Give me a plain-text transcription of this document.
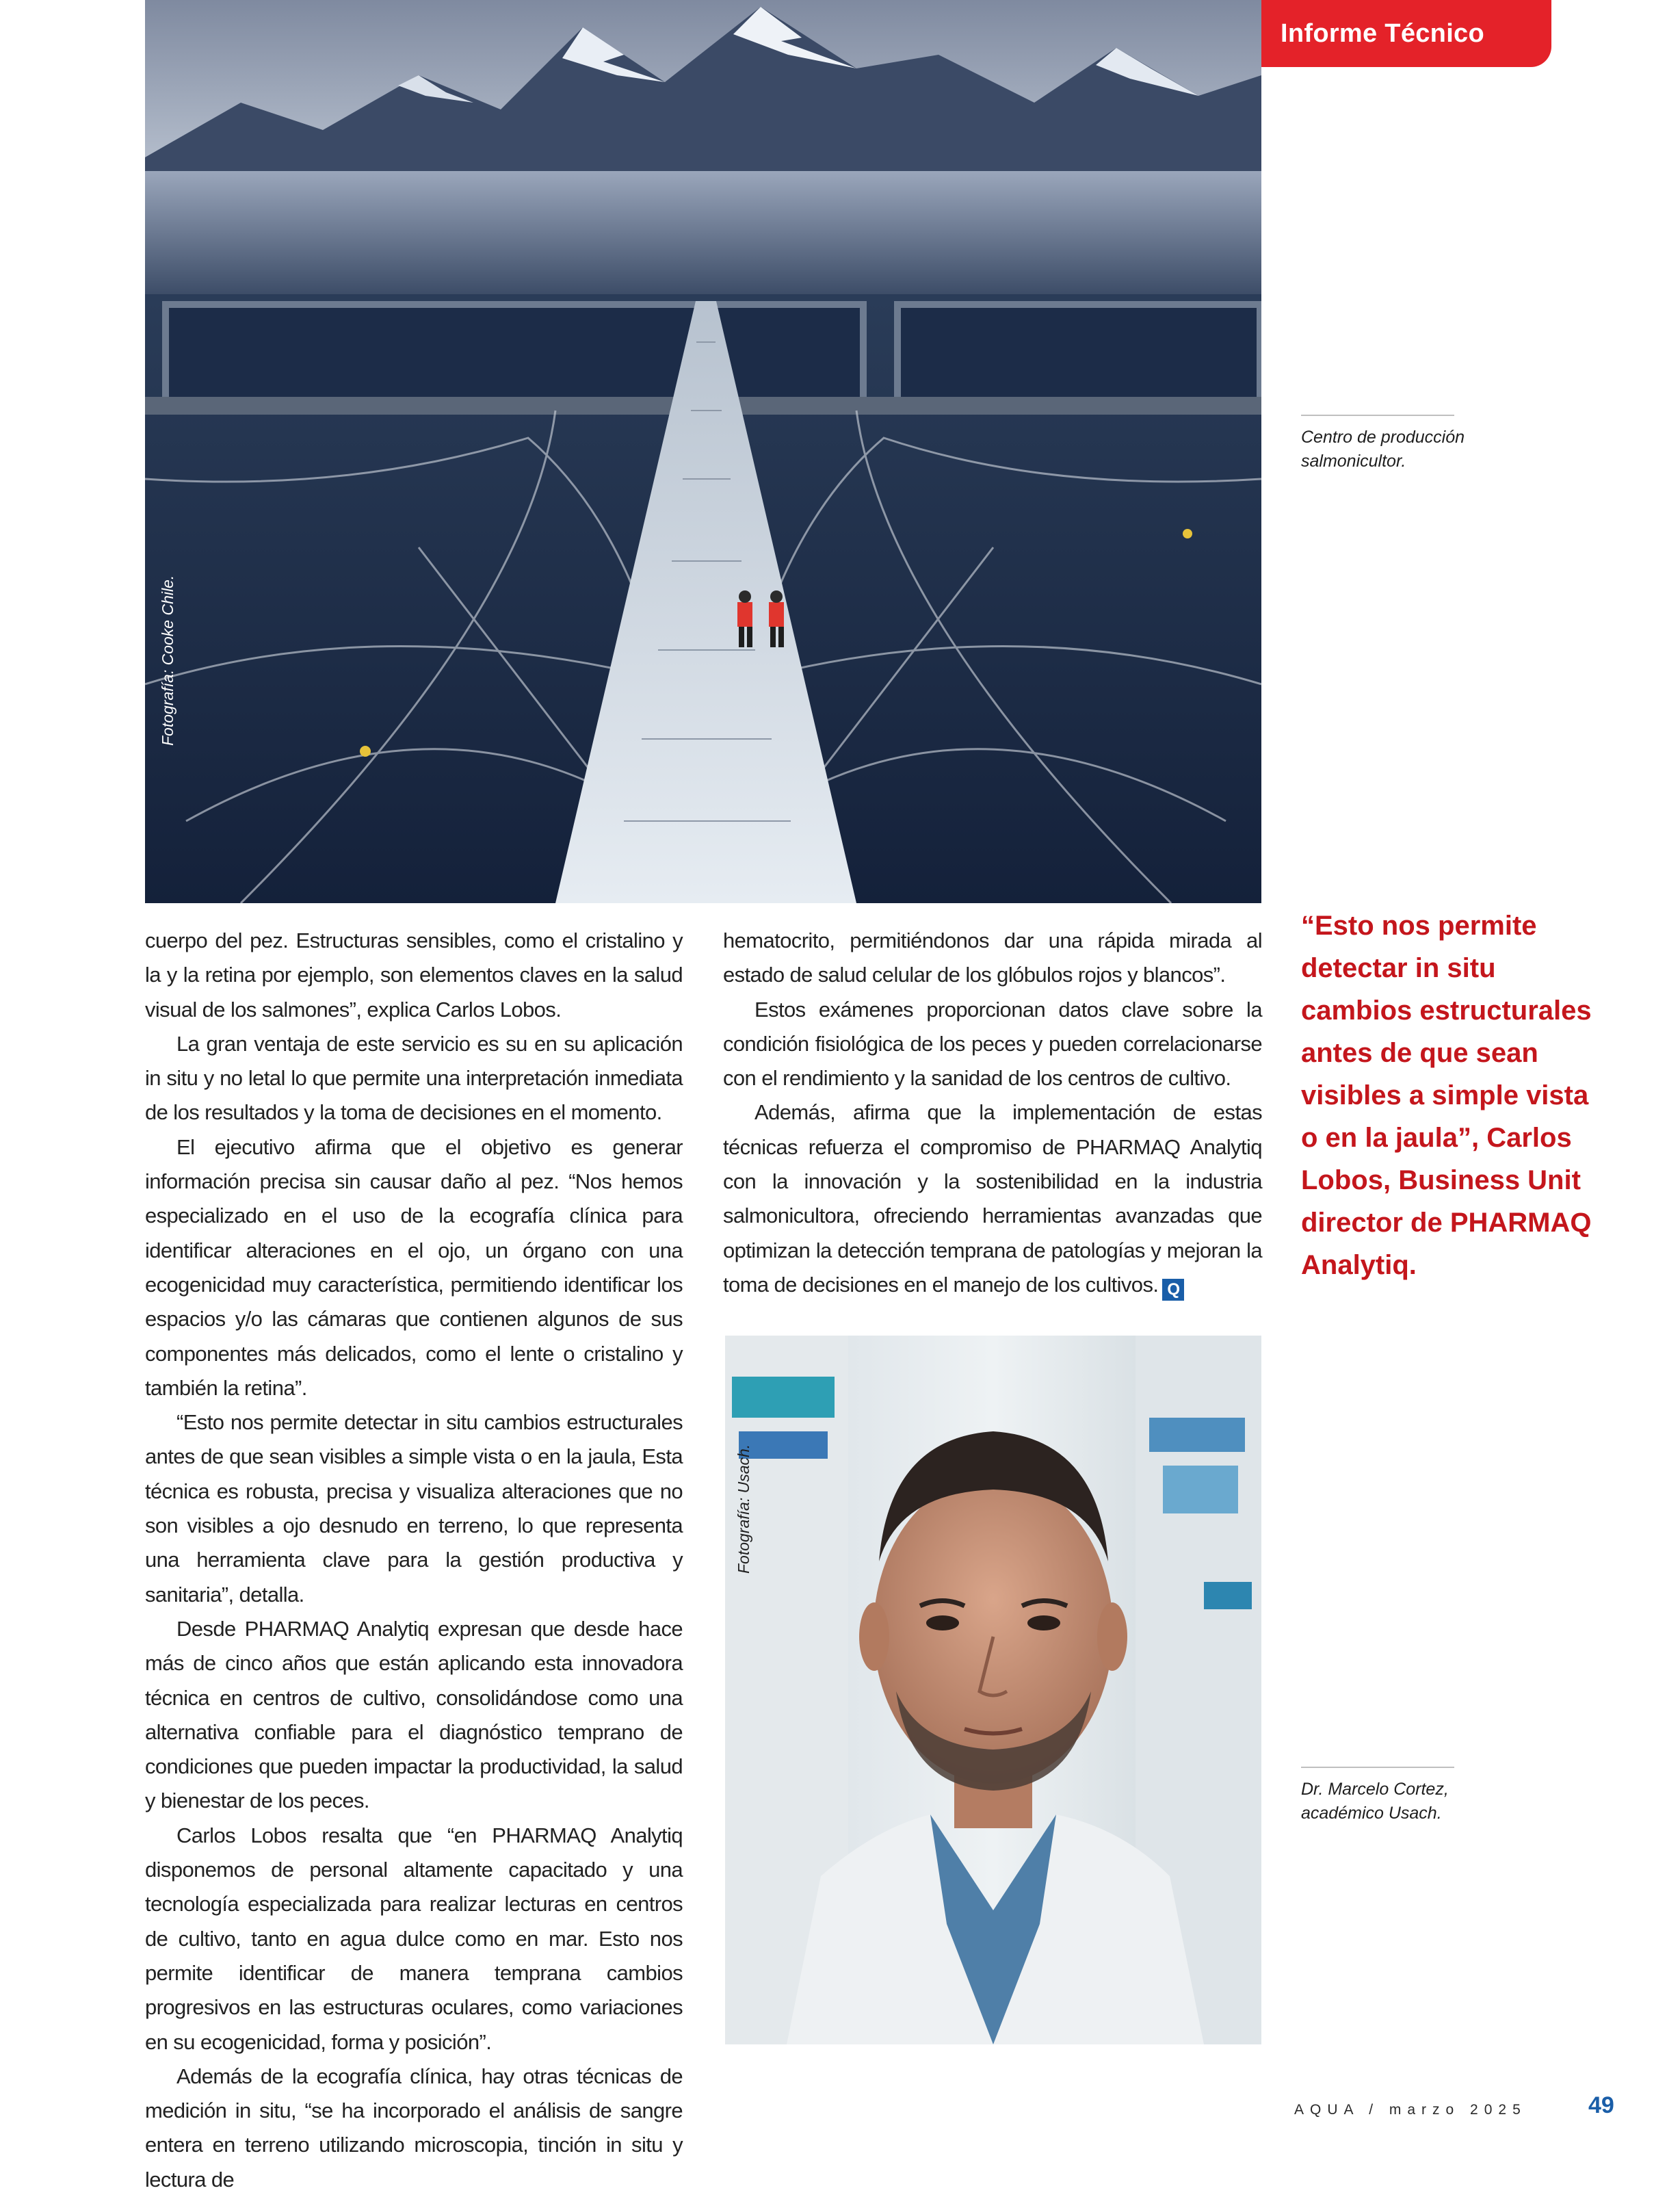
Informe Técnico
Fotografía: Cooke Chile.
Centro de producción
salmonicultor.

cuerpo del pez. Estructuras sensibles, como el cristalino y la y la retina por ejemplo, son elementos claves en la salud visual de los salmones”, explica Carlos Lobos.

La gran ventaja de este servicio es su en su aplicación in situ y no letal lo que permite una interpretación inmediata de los resultados y la toma de decisiones en el momento.

El ejecutivo afirma que el objetivo es generar información precisa sin causar daño al pez. “Nos hemos especializado en el uso de la ecografía clínica para identificar alteraciones en el ojo, un órgano con una ecogenicidad muy característica, permitiendo identificar los espacios y/o las cámaras que contienen algunos de sus componentes más delicados, como el lente o cristalino y también la retina”.

“Esto nos permite detectar in situ cambios estructurales antes de que sean visibles a simple vista o en la jaula, Esta técnica es robusta, precisa y visualiza alteraciones que no son visibles a ojo desnudo en terreno, lo que representa una herramienta clave para la gestión productiva y sanitaria”, detalla.

Desde PHARMAQ Analytiq expresan que desde hace más de cinco años que están aplicando esta innovadora técnica en centros de cultivo, consolidándose como una alternativa confiable para el diagnóstico temprano de condiciones que pueden impactar la productividad, la salud y bienestar de los peces.

Carlos Lobos resalta que “en PHARMAQ Analytiq disponemos de personal altamente capacitado y una tecnología especializada para realizar lecturas en centros de cultivo, tanto en agua dulce como en mar. Esto nos permite identificar de manera temprana cambios progresivos en las estructuras oculares, como variaciones en su ecogenicidad, forma y posición”.

Además de la ecografía clínica, hay otras técnicas de medición in situ, “se ha incorporado el análisis de sangre entera en terreno utilizando microscopia, tinción in situ y lectura de

hematocrito, permitiéndonos dar una rápida mirada al estado de salud celular de los glóbulos rojos y blancos”.

Estos exámenes proporcionan datos clave sobre la condición fisiológica de los peces y pueden correlacionarse con el rendimiento y la sanidad de los centros de cultivo.

Además, afirma que la implementación de estas técnicas refuerza el compromiso de PHARMAQ Analytiq con la innovación y la sostenibilidad en la industria salmonicultora, ofreciendo herramientas avanzadas que optimizan la detección temprana de patologías y mejoran la toma de decisiones en el manejo de los cultivos. Q

Fotografía: Usach.
Dr. Marcelo Cortez,
académico Usach.
“Esto nos permite detectar in situ cambios estructurales antes de que sean visibles a simple vista o en la jaula”, Carlos Lobos, Business Unit director de PHARMAQ Analytiq.
AQUA / marzo 2025	49
